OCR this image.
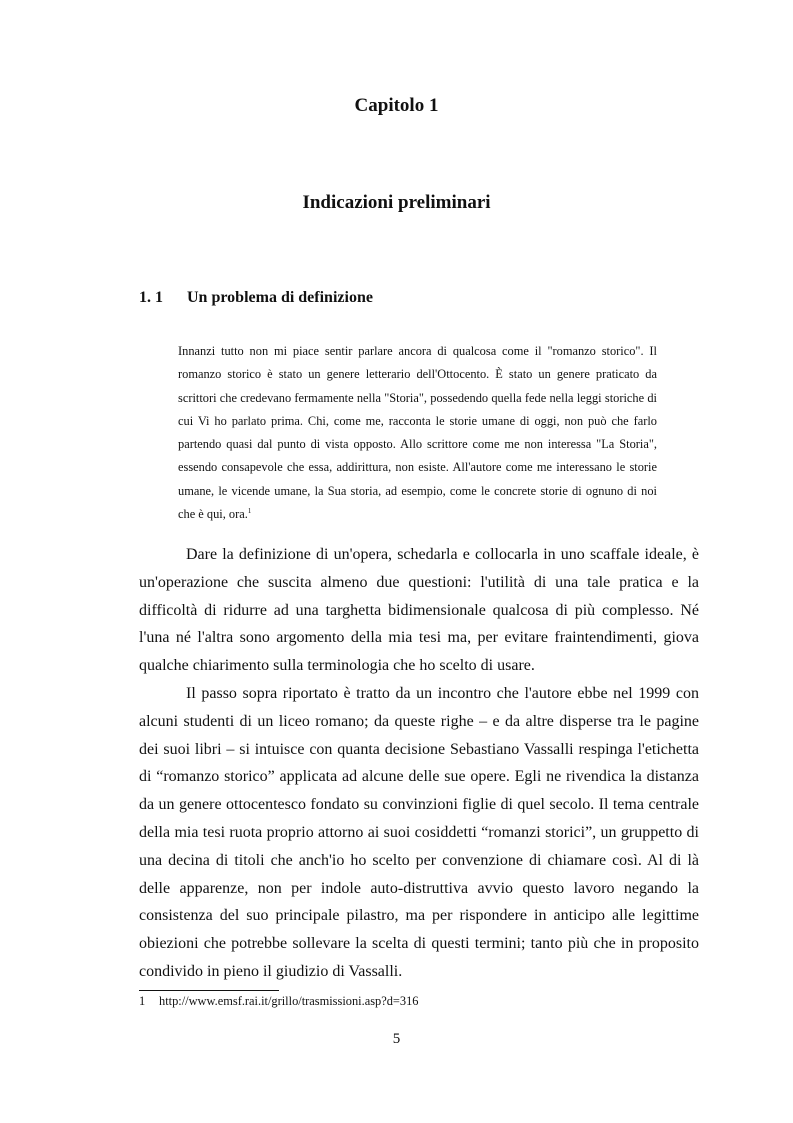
Capitolo 1
Indicazioni preliminari
1. 1 Un problema di definizione

Innanzi tutto non mi piace sentir parlare ancora di qualcosa come il "romanzo storico". Il romanzo storico è stato un genere letterario dell'Ottocento. È stato un genere praticato da scrittori che credevano fermamente nella "Storia", possedendo quella fede nella leggi storiche di cui Vi ho parlato prima. Chi, come me, racconta le storie umane di oggi, non può che farlo partendo quasi dal punto di vista opposto. Allo scrittore come me non interessa "La Storia", essendo consapevole che essa, addirittura, non esiste. All'autore come me interessano le storie umane, le vicende umane, la Sua storia, ad esempio, come le concrete storie di ognuno di noi che è qui, ora.$^1$

Dare la definizione di un'opera, schedarla e collocarla in uno scaffale ideale, è un'operazione che suscita almeno due questioni: l'utilità di una tale pratica e la difficoltà di ridurre ad una targhetta bidimensionale qualcosa di più complesso. Né l'una né l'altra sono argomento della mia tesi ma, per evitare fraintendimenti, giova qualche chiarimento sulla terminologia che ho scelto di usare.

Il passo sopra riportato è tratto da un incontro che l'autore ebbe nel 1999 con alcuni studenti di un liceo romano; da queste righe – e da altre disperse tra le pagine dei suoi libri – si intuisce con quanta decisione Sebastiano Vassalli respinga l'etichetta di “romanzo storico” applicata ad alcune delle sue opere. Egli ne rivendica la distanza da un genere ottocentesco fondato su convinzioni figlie di quel secolo. Il tema centrale della mia tesi ruota proprio attorno ai suoi cosiddetti “romanzi storici”, un gruppetto di una decina di titoli che anch'io ho scelto per convenzione di chiamare così. Al di là delle apparenze, non per indole auto-distruttiva avvio questo lavoro negando la consistenza del suo principale pilastro, ma per rispondere in anticipo alle legittime obiezioni che potrebbe sollevare la scelta di questi termini; tanto più che in proposito condivido in pieno il giudizio di Vassalli.

1 http://www.emsf.rai.it/grillo/trasmissioni.asp?d=316
5
